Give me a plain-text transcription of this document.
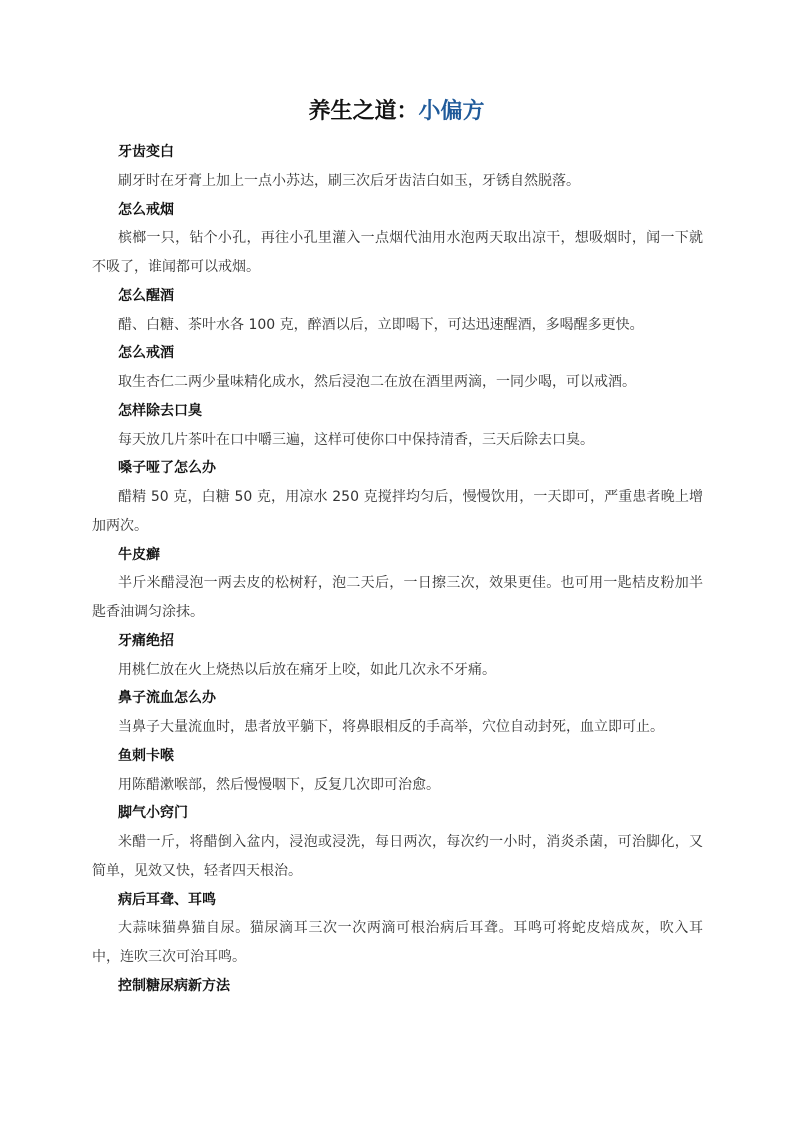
养生之道：小偏方

牙齿变白

刷牙时在牙膏上加上一点小苏达，刷三次后牙齿洁白如玉，牙锈自然脱落。

怎么戒烟

槟榔一只，钻个小孔，再往小孔里灌入一点烟代油用水泡两天取出凉干，想吸烟时，闻一下就不吸了，谁闻都可以戒烟。

怎么醒酒

醋、白糖、茶叶水各 100 克，醉酒以后，立即喝下，可达迅速醒酒，多喝醒多更快。

怎么戒酒

取生杏仁二两少量味精化成水，然后浸泡二在放在酒里两滴，一同少喝，可以戒酒。

怎样除去口臭

每天放几片茶叶在口中嚼三遍，这样可使你口中保持清香，三天后除去口臭。

嗓子哑了怎么办

醋精 50 克，白糖 50 克，用凉水 250 克搅拌均匀后，慢慢饮用，一天即可，严重患者晚上增加两次。

牛皮癣

半斤米醋浸泡一两去皮的松树籽，泡二天后，一日擦三次，效果更佳。也可用一匙桔皮粉加半匙香油调匀涂抹。

牙痛绝招

用桃仁放在火上烧热以后放在痛牙上咬，如此几次永不牙痛。

鼻子流血怎么办

当鼻子大量流血时，患者放平躺下，将鼻眼相反的手高举，穴位自动封死，血立即可止。

鱼刺卡喉

用陈醋漱喉部，然后慢慢咽下，反复几次即可治愈。

脚气小窍门

米醋一斤，将醋倒入盆内，浸泡或浸洗，每日两次，每次约一小时，消炎杀菌，可治脚化，又简单，见效又快，轻者四天根治。

病后耳聋、耳鸣

大蒜味猫鼻猫自尿。猫尿滴耳三次一次两滴可根治病后耳聋。耳鸣可将蛇皮焙成灰，吹入耳中，连吹三次可治耳鸣。

控制糖尿病新方法
